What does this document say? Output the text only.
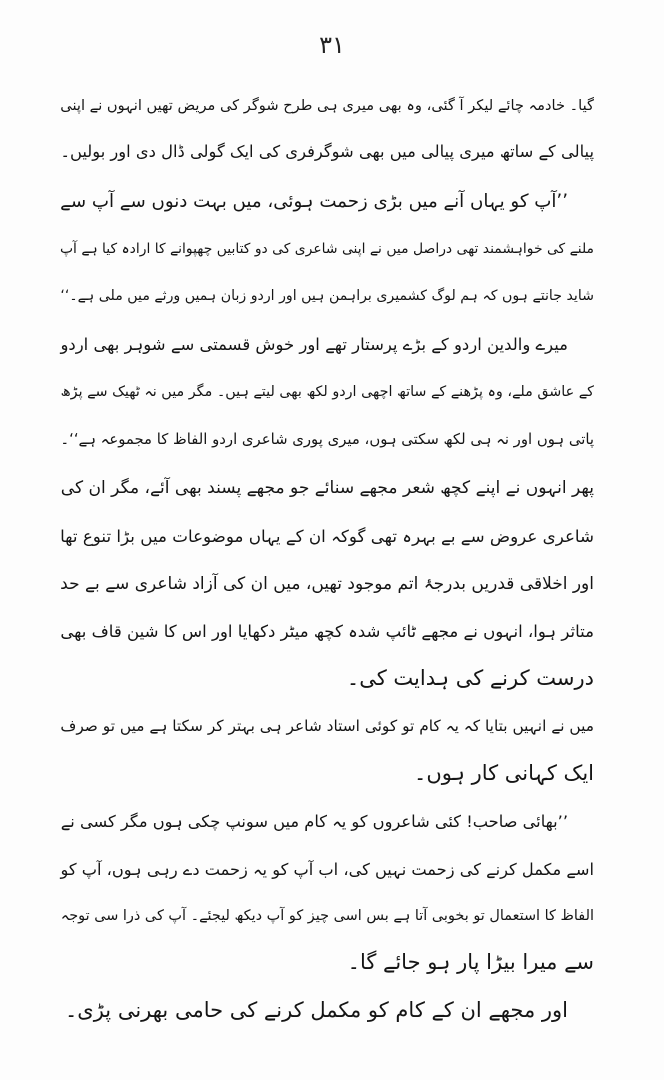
۳۱
گیا۔ خادمہ چائے لیکر آ گئی، وہ بھی میری ہی طرح شوگر کی مریض تھیں انہوں نے اپنی
پیالی کے ساتھ میری پیالی میں بھی شوگرفری کی ایک گولی ڈال دی اور بولیں۔
’’آپ کو یہاں آنے میں بڑی زحمت ہوئی، میں بہت دنوں سے آپ سے
ملنے کی خواہشمند تھی دراصل میں نے اپنی شاعری کی دو کتابیں چھپوانے کا ارادہ کیا ہے آپ
شاید جانتے ہوں کہ ہم لوگ کشمیری براہمن ہیں اور اردو زبان ہمیں ورثے میں ملی ہے۔‘‘
میرے والدین اردو کے بڑے پرستار تھے اور خوش قسمتی سے شوہر بھی اردو
کے عاشق ملے، وہ پڑھنے کے ساتھ اچھی اردو لکھ بھی لیتے ہیں۔ مگر میں نہ ٹھیک سے پڑھ
پاتی ہوں اور نہ ہی لکھ سکتی ہوں، میری پوری شاعری اردو الفاظ کا مجموعہ ہے‘‘۔
پھر انہوں نے اپنے کچھ شعر مجھے سنائے جو مجھے پسند بھی آئے، مگر ان کی
شاعری عروض سے بے بہرہ تھی گوکہ ان کے یہاں موضوعات میں بڑا تنوع تھا
اور اخلاقی قدریں بدرجۂ اتم موجود تھیں، میں ان کی آزاد شاعری سے بے حد
متاثر ہوا، انہوں نے مجھے ٹائپ شدہ کچھ میٹر دکھایا اور اس کا شین قاف بھی
درست کرنے کی ہدایت کی۔
میں نے انہیں بتایا کہ یہ کام تو کوئی استاد شاعر ہی بہتر کر سکتا ہے میں تو صرف
ایک کہانی کار ہوں۔
’’بھائی صاحب! کئی شاعروں کو یہ کام میں سونپ چکی ہوں مگر کسی نے
اسے مکمل کرنے کی زحمت نہیں کی، اب آپ کو یہ زحمت دے رہی ہوں، آپ کو
الفاظ کا استعمال تو بخوبی آتا ہے بس اسی چیز کو آپ دیکھ لیجئے۔ آپ کی ذرا سی توجہ
سے میرا بیڑا پار ہو جائے گا۔
اور مجھے ان کے کام کو مکمل کرنے کی حامی بھرنی پڑی۔
